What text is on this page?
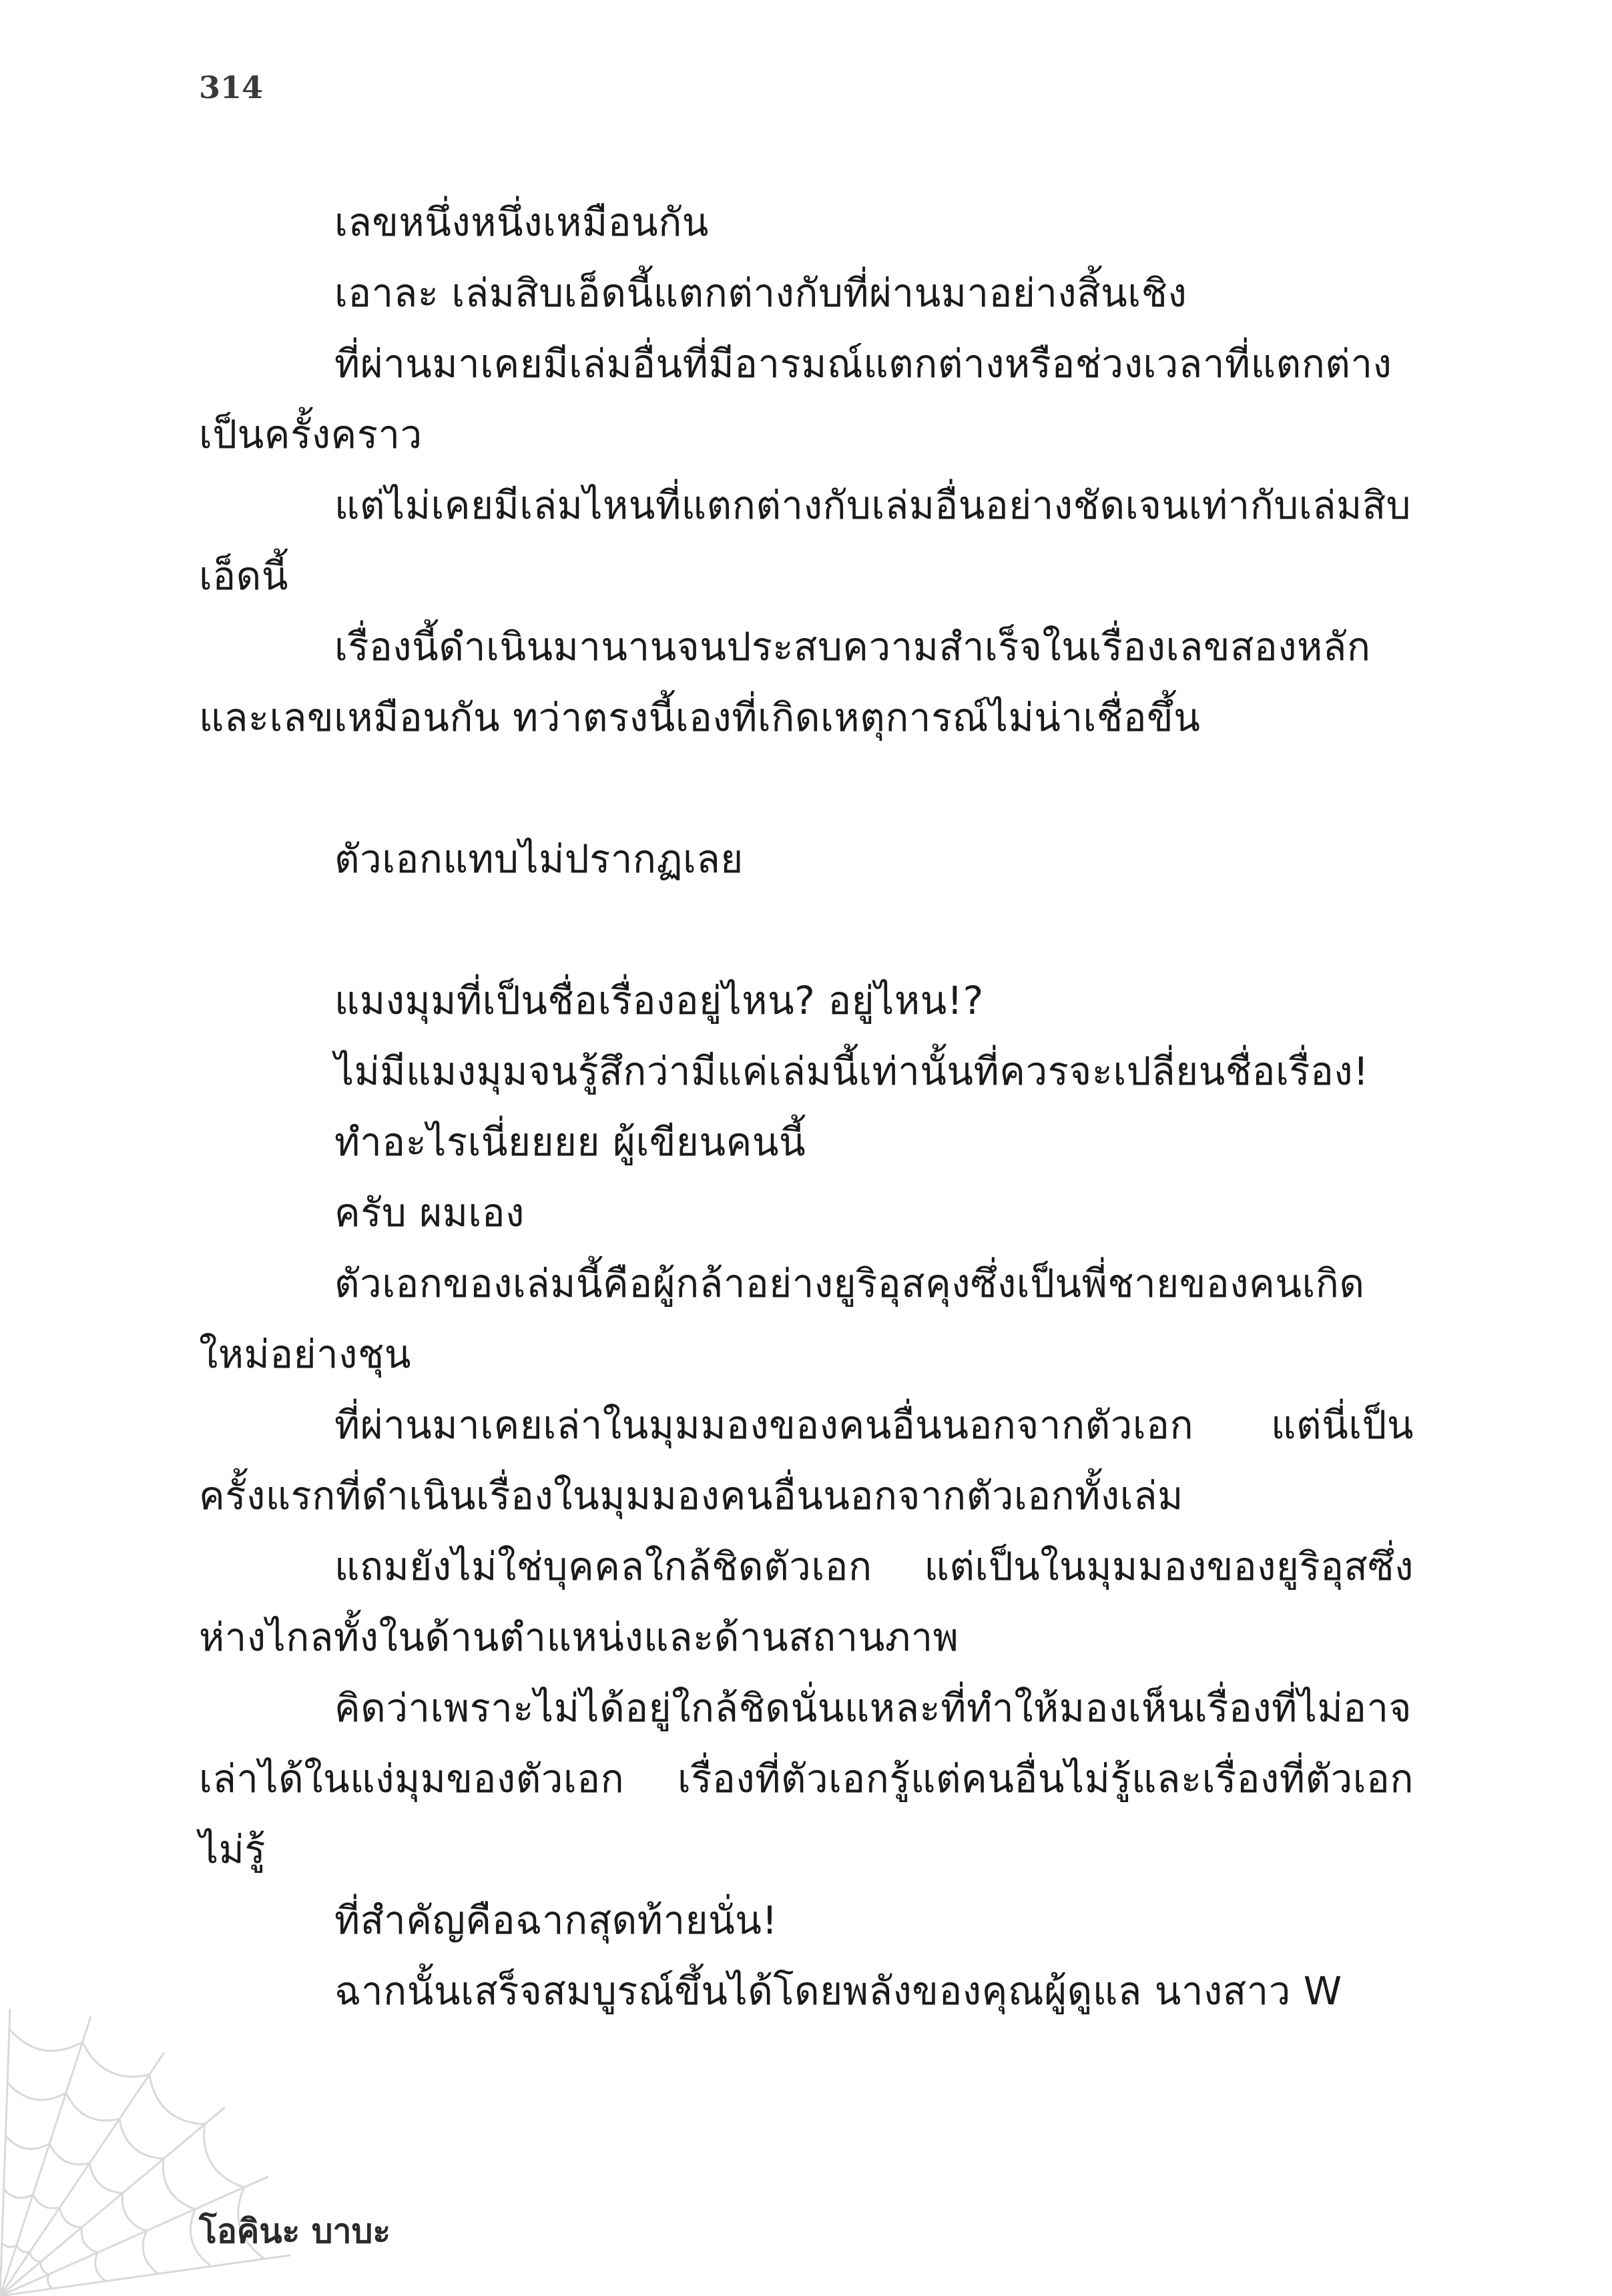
314

เลขหนึ่งหนึ่งเหมือนกัน

เอาละ เล่มสิบเอ็ดนี้แตกต่างกับที่ผ่านมาอย่างสิ้นเชิง

ที่ผ่านมาเคยมีเล่มอื่นที่มีอารมณ์แตกต่างหรือช่วงเวลาที่แตกต่างเป็นครั้งคราว

แต่ไม่เคยมีเล่มไหนที่แตกต่างกับเล่มอื่นอย่างชัดเจนเท่ากับเล่มสิบเอ็ดนี้

เรื่องนี้ดำเนินมานานจนประสบความสำเร็จในเรื่องเลขสองหลักและเลขเหมือนกัน ทว่าตรงนี้เองที่เกิดเหตุการณ์ไม่น่าเชื่อขึ้น

ตัวเอกแทบไม่ปรากฏเลย

แมงมุมที่เป็นชื่อเรื่องอยู่ไหน? อยู่ไหน!?

ไม่มีแมงมุมจนรู้สึกว่ามีแค่เล่มนี้เท่านั้นที่ควรจะเปลี่ยนชื่อเรื่อง!

ทำอะไรเนี่ยยยย ผู้เขียนคนนี้

ครับ ผมเอง

ตัวเอกของเล่มนี้คือผู้กล้าอย่างยูริอุสคุงซึ่งเป็นพี่ชายของคนเกิดใหม่อย่างชุน

ที่ผ่านมาเคยเล่าในมุมมองของคนอื่นนอกจากตัวเอก แต่นี่เป็นครั้งแรกที่ดำเนินเรื่องในมุมมองคนอื่นนอกจากตัวเอกทั้งเล่ม

แถมยังไม่ใช่บุคคลใกล้ชิดตัวเอก แต่เป็นในมุมมองของยูริอุสซึ่งห่างไกลทั้งในด้านตำแหน่งและด้านสถานภาพ

คิดว่าเพราะไม่ได้อยู่ใกล้ชิดนั่นแหละที่ทำให้มองเห็นเรื่องที่ไม่อาจเล่าได้ในแง่มุมของตัวเอก เรื่องที่ตัวเอกรู้แต่คนอื่นไม่รู้และเรื่องที่ตัวเอกไม่รู้

ที่สำคัญคือฉากสุดท้ายนั่น!

ฉากนั้นเสร็จสมบูรณ์ขึ้นได้โดยพลังของคุณผู้ดูแล นางสาว W

โอคินะ บาบะ
